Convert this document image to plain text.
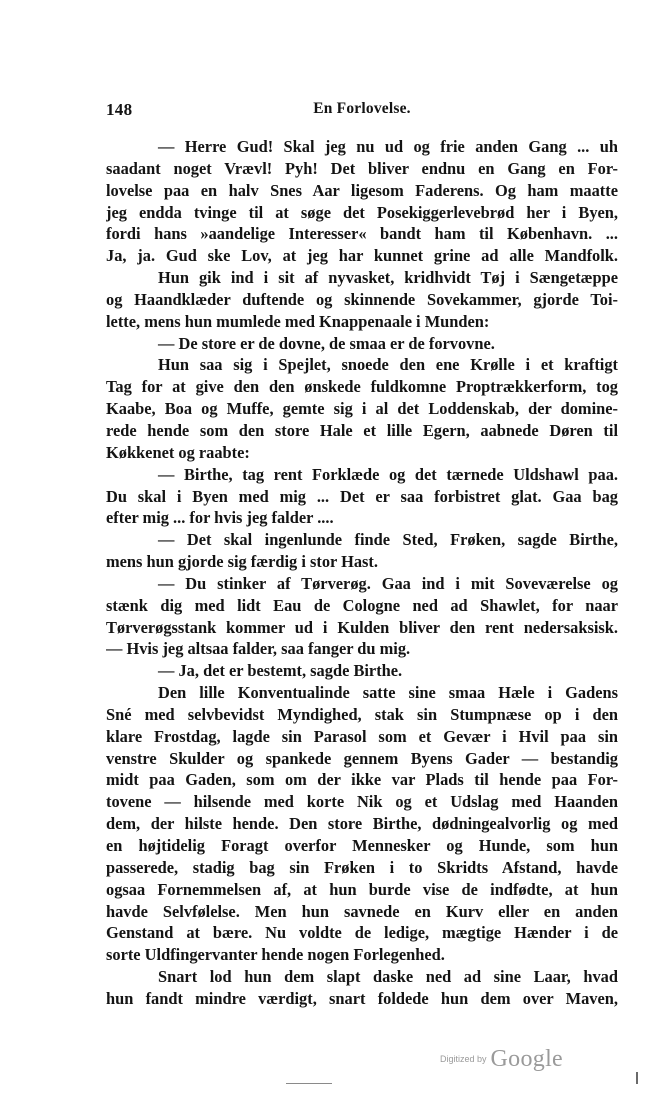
148	En Forlovelse.
— Herre Gud! Skal jeg nu ud og frie anden Gang ... uh
saadant noget Vrævl! Pyh! Det bliver endnu en Gang en For-
lovelse paa en halv Snes Aar ligesom Faderens. Og ham maatte
jeg endda tvinge til at søge det Posekiggerlevebrød her i Byen,
fordi hans »aandelige Interesser« bandt ham til København. ...
Ja, ja. Gud ske Lov, at jeg har kunnet grine ad alle Mandfolk.
Hun gik ind i sit af nyvasket, kridhvidt Tøj i Sængetæppe
og Haandklæder duftende og skinnende Sovekammer, gjorde Toi-
lette, mens hun mumlede med Knappenaale i Munden:
— De store er de dovne, de smaa er de forvovne.
Hun saa sig i Spejlet, snoede den ene Krølle i et kraftigt
Tag for at give den den ønskede fuldkomne Proptrækkerform, tog
Kaabe, Boa og Muffe, gemte sig i al det Loddenskab, der domine-
rede hende som den store Hale et lille Egern, aabnede Døren til
Køkkenet og raabte:
— Birthe, tag rent Forklæde og det tærnede Uldshawl paa.
Du skal i Byen med mig ... Det er saa forbistret glat. Gaa bag
efter mig ... for hvis jeg falder ....
— Det skal ingenlunde finde Sted, Frøken, sagde Birthe,
mens hun gjorde sig færdig i stor Hast.
— Du stinker af Tørverøg. Gaa ind i mit Soveværelse og
stænk dig med lidt Eau de Cologne ned ad Shawlet, for naar
Tørverøgsstank kommer ud i Kulden bliver den rent nedersaksisk.
— Hvis jeg altsaa falder, saa fanger du mig.
— Ja, det er bestemt, sagde Birthe.
Den lille Konventualinde satte sine smaa Hæle i Gadens
Sné med selvbevidst Myndighed, stak sin Stumpnæse op i den
klare Frostdag, lagde sin Parasol som et Gevær i Hvil paa sin
venstre Skulder og spankede gennem Byens Gader — bestandig
midt paa Gaden, som om der ikke var Plads til hende paa For-
tovene — hilsende med korte Nik og et Udslag med Haanden
dem, der hilste hende. Den store Birthe, dødningealvorlig og med
en højtidelig Foragt overfor Mennesker og Hunde, som hun
passerede, stadig bag sin Frøken i to Skridts Afstand, havde
ogsaa Fornemmelsen af, at hun burde vise de indfødte, at hun
havde Selvfølelse. Men hun savnede en Kurv eller en anden
Genstand at bære. Nu voldte de ledige, mægtige Hænder i de
sorte Uldfingervanter hende nogen Forlegenhed.
Snart lod hun dem slapt daske ned ad sine Laar, hvad
hun fandt mindre værdigt, snart foldede hun dem over Maven,
$^{Digitized by}$ Google
